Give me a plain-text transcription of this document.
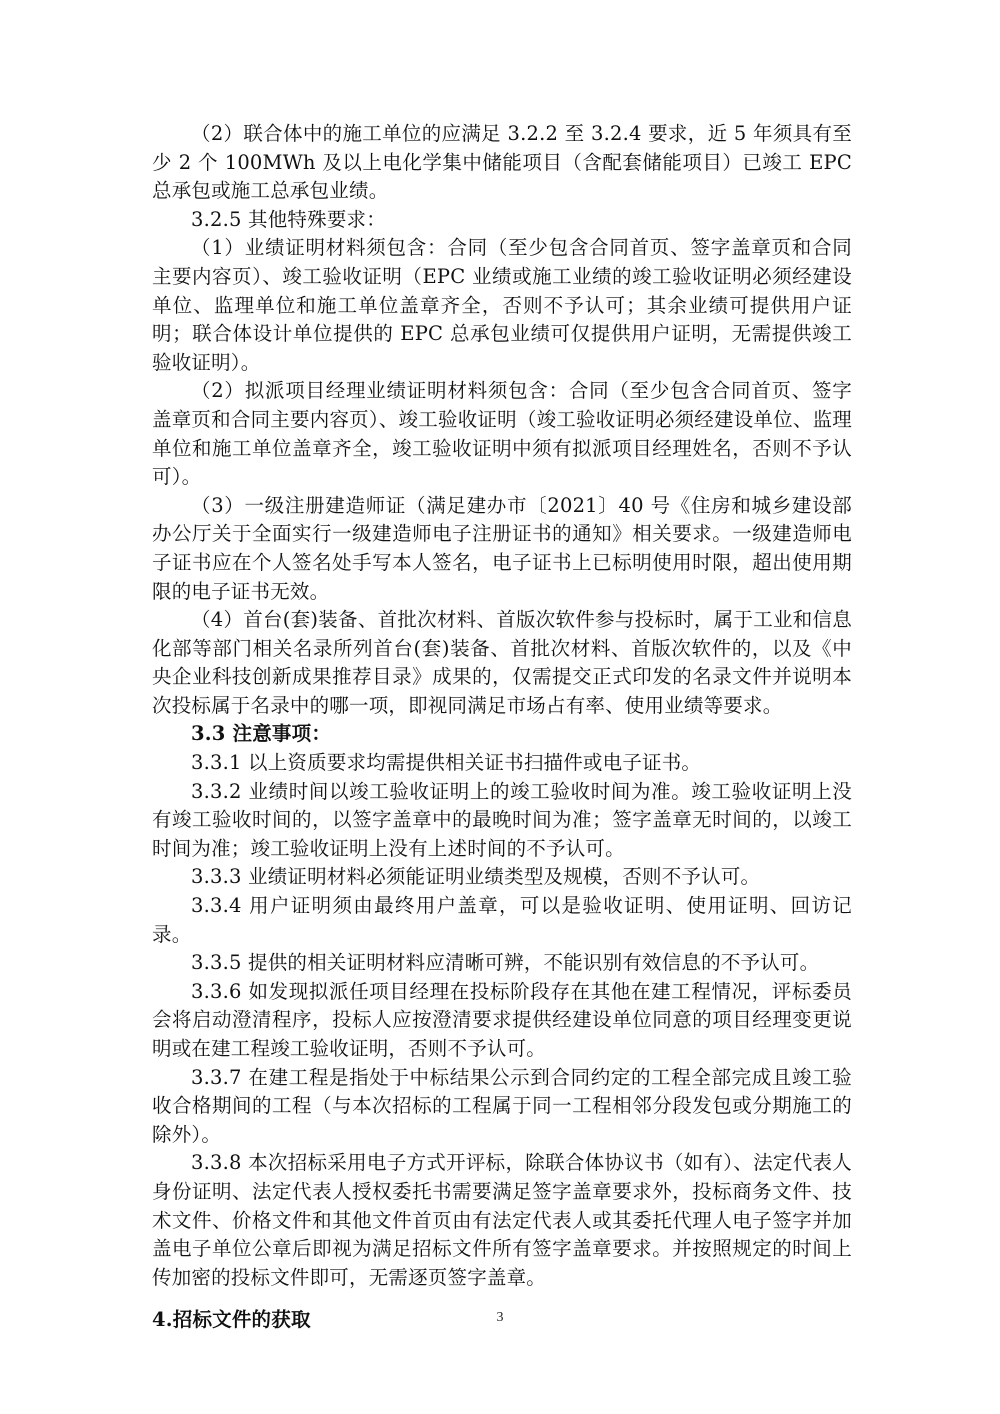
（2）联合体中的施工单位的应满足 3.2.2 至 3.2.4 要求，近 5 年须具有至少 2 个 100MWh 及以上电化学集中储能项目（含配套储能项目）已竣工 EPC 总承包或施工总承包业绩。

3.2.5 其他特殊要求：

（1）业绩证明材料须包含：合同（至少包含合同首页、签字盖章页和合同主要内容页）、竣工验收证明（EPC 业绩或施工业绩的竣工验收证明必须经建设单位、监理单位和施工单位盖章齐全，否则不予认可；其余业绩可提供用户证明；联合体设计单位提供的 EPC 总承包业绩可仅提供用户证明，无需提供竣工验收证明）。

（2）拟派项目经理业绩证明材料须包含：合同（至少包含合同首页、签字盖章页和合同主要内容页）、竣工验收证明（竣工验收证明必须经建设单位、监理单位和施工单位盖章齐全，竣工验收证明中须有拟派项目经理姓名，否则不予认可）。

（3）一级注册建造师证（满足建办市〔2021〕40 号《住房和城乡建设部办公厅关于全面实行一级建造师电子注册证书的通知》相关要求。一级建造师电子证书应在个人签名处手写本人签名，电子证书上已标明使用时限，超出使用期限的电子证书无效。

（4）首台(套)装备、首批次材料、首版次软件参与投标时，属于工业和信息化部等部门相关名录所列首台(套)装备、首批次材料、首版次软件的，以及《中央企业科技创新成果推荐目录》成果的，仅需提交正式印发的名录文件并说明本次投标属于名录中的哪一项，即视同满足市场占有率、使用业绩等要求。

3.3 注意事项：

3.3.1 以上资质要求均需提供相关证书扫描件或电子证书。

3.3.2 业绩时间以竣工验收证明上的竣工验收时间为准。竣工验收证明上没有竣工验收时间的，以签字盖章中的最晚时间为准；签字盖章无时间的，以竣工时间为准；竣工验收证明上没有上述时间的不予认可。

3.3.3 业绩证明材料必须能证明业绩类型及规模，否则不予认可。

3.3.4 用户证明须由最终用户盖章，可以是验收证明、使用证明、回访记录。

3.3.5 提供的相关证明材料应清晰可辨，不能识别有效信息的不予认可。

3.3.6 如发现拟派任项目经理在投标阶段存在其他在建工程情况，评标委员会将启动澄清程序，投标人应按澄清要求提供经建设单位同意的项目经理变更说明或在建工程竣工验收证明，否则不予认可。

3.3.7 在建工程是指处于中标结果公示到合同约定的工程全部完成且竣工验收合格期间的工程（与本次招标的工程属于同一工程相邻分段发包或分期施工的除外）。

3.3.8 本次招标采用电子方式开评标，除联合体协议书（如有）、法定代表人身份证明、法定代表人授权委托书需要满足签字盖章要求外，投标商务文件、技术文件、价格文件和其他文件首页由有法定代表人或其委托代理人电子签字并加盖电子单位公章后即视为满足招标文件所有签字盖章要求。并按照规定的时间上传加密的投标文件即可，无需逐页签字盖章。

4.招标文件的获取	3
